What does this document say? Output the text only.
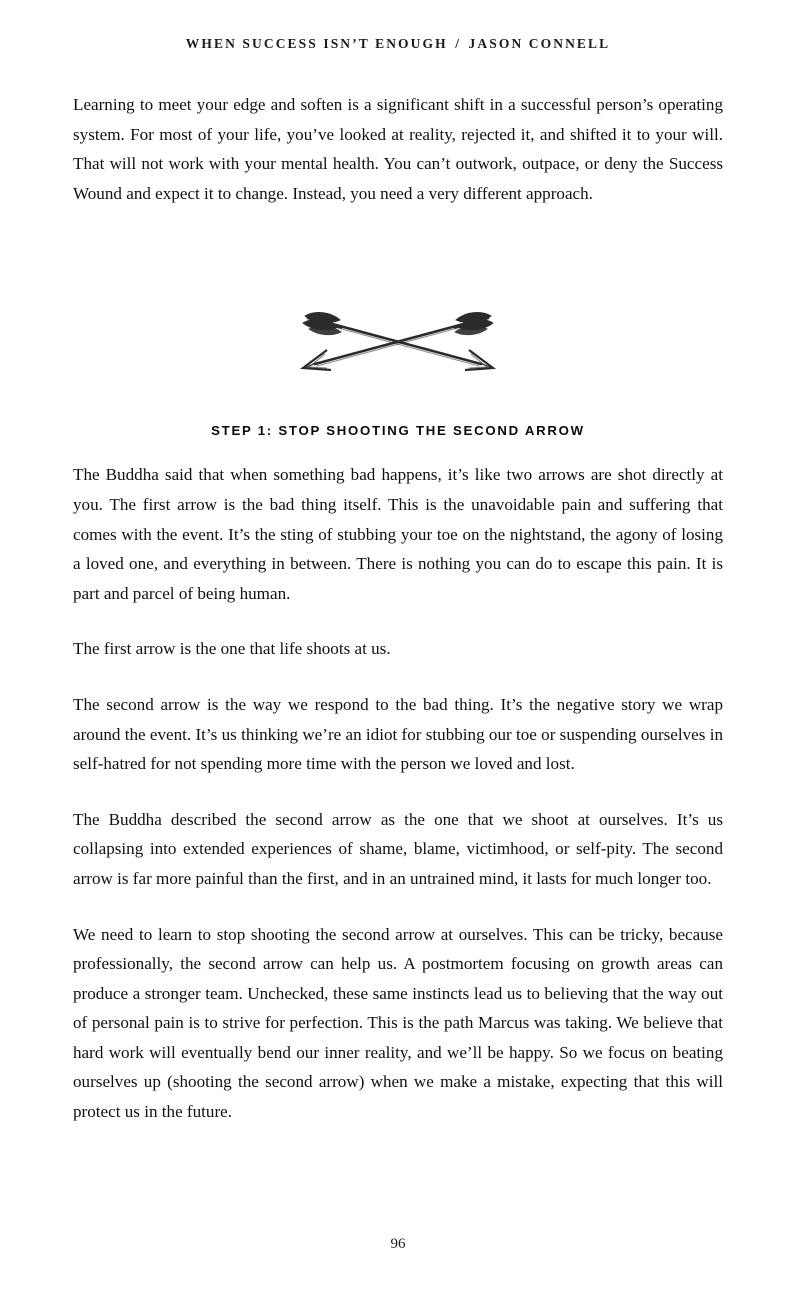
WHEN SUCCESS ISN’T ENOUGH / JASON CONNELL

Learning to meet your edge and soften is a significant shift in a successful person’s operating system. For most of your life, you’ve looked at reality, rejected it, and shifted it to your will. That will not work with your mental health. You can’t outwork, outpace, or deny the Success Wound and expect it to change. Instead, you need a very different approach.

STEP 1: STOP SHOOTING THE SECOND ARROW

The Buddha said that when something bad happens, it’s like two arrows are shot directly at you. The first arrow is the bad thing itself. This is the unavoidable pain and suffering that comes with the event. It’s the sting of stubbing your toe on the nightstand, the agony of losing a loved one, and everything in between. There is nothing you can do to escape this pain. It is part and parcel of being human.

The first arrow is the one that life shoots at us.

The second arrow is the way we respond to the bad thing. It’s the negative story we wrap around the event. It’s us thinking we’re an idiot for stubbing our toe or suspending ourselves in self-hatred for not spending more time with the person we loved and lost.

The Buddha described the second arrow as the one that we shoot at ourselves. It’s us collapsing into extended experiences of shame, blame, victimhood, or self-pity. The second arrow is far more painful than the first, and in an untrained mind, it lasts for much longer too.

We need to learn to stop shooting the second arrow at ourselves. This can be tricky, because professionally, the second arrow can help us. A postmortem focusing on growth areas can produce a stronger team. Unchecked, these same instincts lead us to believing that the way out of personal pain is to strive for perfection. This is the path Marcus was taking. We believe that hard work will eventually bend our inner reality, and we’ll be happy. So we focus on beating ourselves up (shooting the second arrow) when we make a mistake, expecting that this will protect us in the future.

96
